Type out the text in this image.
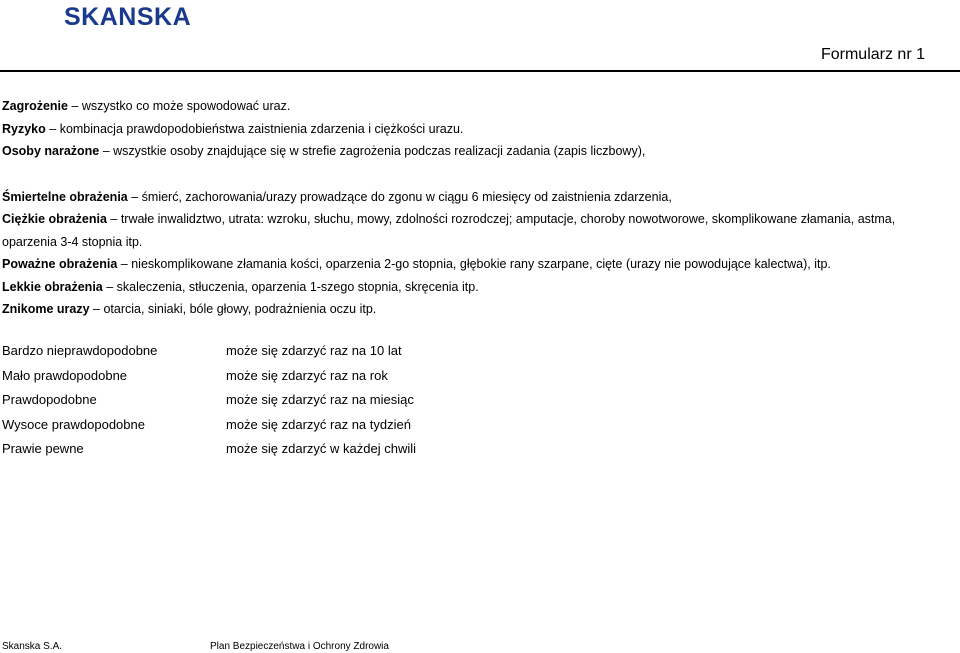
SKANSKA
Formularz nr 1
Zagrożenie – wszystko co może spowodować uraz.
Ryzyko – kombinacja prawdopodobieństwa zaistnienia zdarzenia i ciężkości urazu.
Osoby narażone – wszystkie osoby znajdujące się w strefie zagrożenia podczas realizacji zadania (zapis liczbowy),
Śmiertelne obrażenia – śmierć, zachorowania/urazy prowadzące do zgonu w ciągu 6 miesięcy od zaistnienia zdarzenia,
Ciężkie obrażenia – trwałe inwalidztwo, utrata: wzroku, słuchu, mowy, zdolności rozrodczej; amputacje, choroby nowotworowe, skomplikowane złamania, astma,
oparzenia 3-4 stopnia itp.
Poważne obrażenia – nieskomplikowane złamania kości, oparzenia 2-go stopnia, głębokie rany szarpane, cięte (urazy nie powodujące kalectwa), itp.
Lekkie obrażenia – skaleczenia, stłuczenia, oparzenia 1-szego stopnia, skręcenia itp.
Znikome urazy – otarcia, siniaki, bóle głowy, podrażnienia oczu itp.
Bardzo nieprawdopodobne	może się zdarzyć raz na 10 lat
Mało prawdopodobne	może się zdarzyć raz na rok
Prawdopodobne	może się zdarzyć raz na miesiąc
Wysoce prawdopodobne	może się zdarzyć raz na tydzień
Prawie pewne	może się zdarzyć w każdej chwili
Skanska S.A.	Plan Bezpieczeństwa i Ochrony Zdrowia
